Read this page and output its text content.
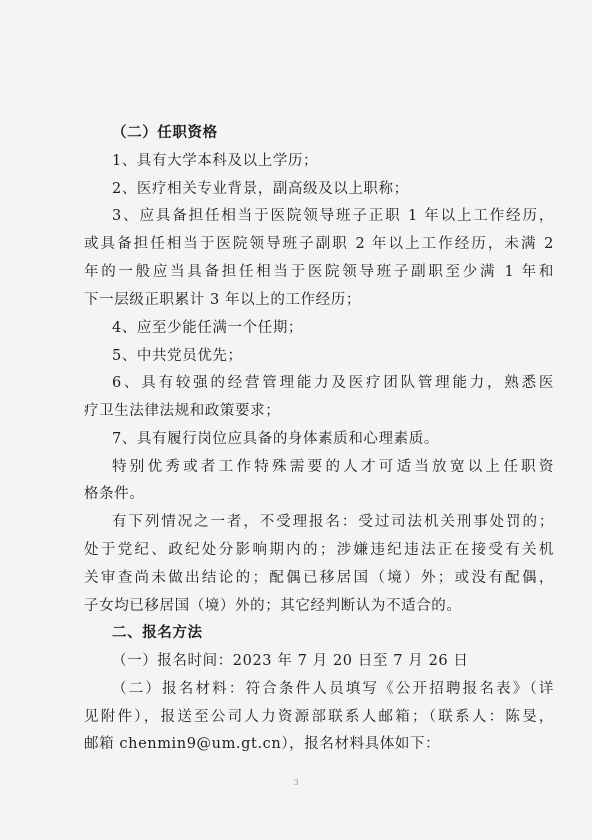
（二）任职资格
1、具有大学本科及以上学历；
2、医疗相关专业背景，副高级及以上职称；
3、应具备担任相当于医院领导班子正职 1 年以上工作经历，
或具备担任相当于医院领导班子副职 2 年以上工作经历，未满 2
年的一般应当具备担任相当于医院领导班子副职至少满 1 年和
下一层级正职累计 3 年以上的工作经历；
4、应至少能任满一个任期；
5、中共党员优先；
6、具有较强的经营管理能力及医疗团队管理能力，熟悉医
疗卫生法律法规和政策要求；
7、具有履行岗位应具备的身体素质和心理素质。
特别优秀或者工作特殊需要的人才可适当放宽以上任职资
格条件。
有下列情况之一者，不受理报名：受过司法机关刑事处罚的；
处于党纪、政纪处分影响期内的；涉嫌违纪违法正在接受有关机
关审查尚未做出结论的；配偶已移居国（境）外；或没有配偶，
子女均已移居国（境）外的；其它经判断认为不适合的。
二、报名方法
（一）报名时间：2023 年 7 月 20 日至 7 月 26 日
（二）报名材料：符合条件人员填写《公开招聘报名表》（详
见附件），报送至公司人力资源部联系人邮箱；（联系人：陈旻，
邮箱 chenmin9@um.gt.cn），报名材料具体如下：
3
